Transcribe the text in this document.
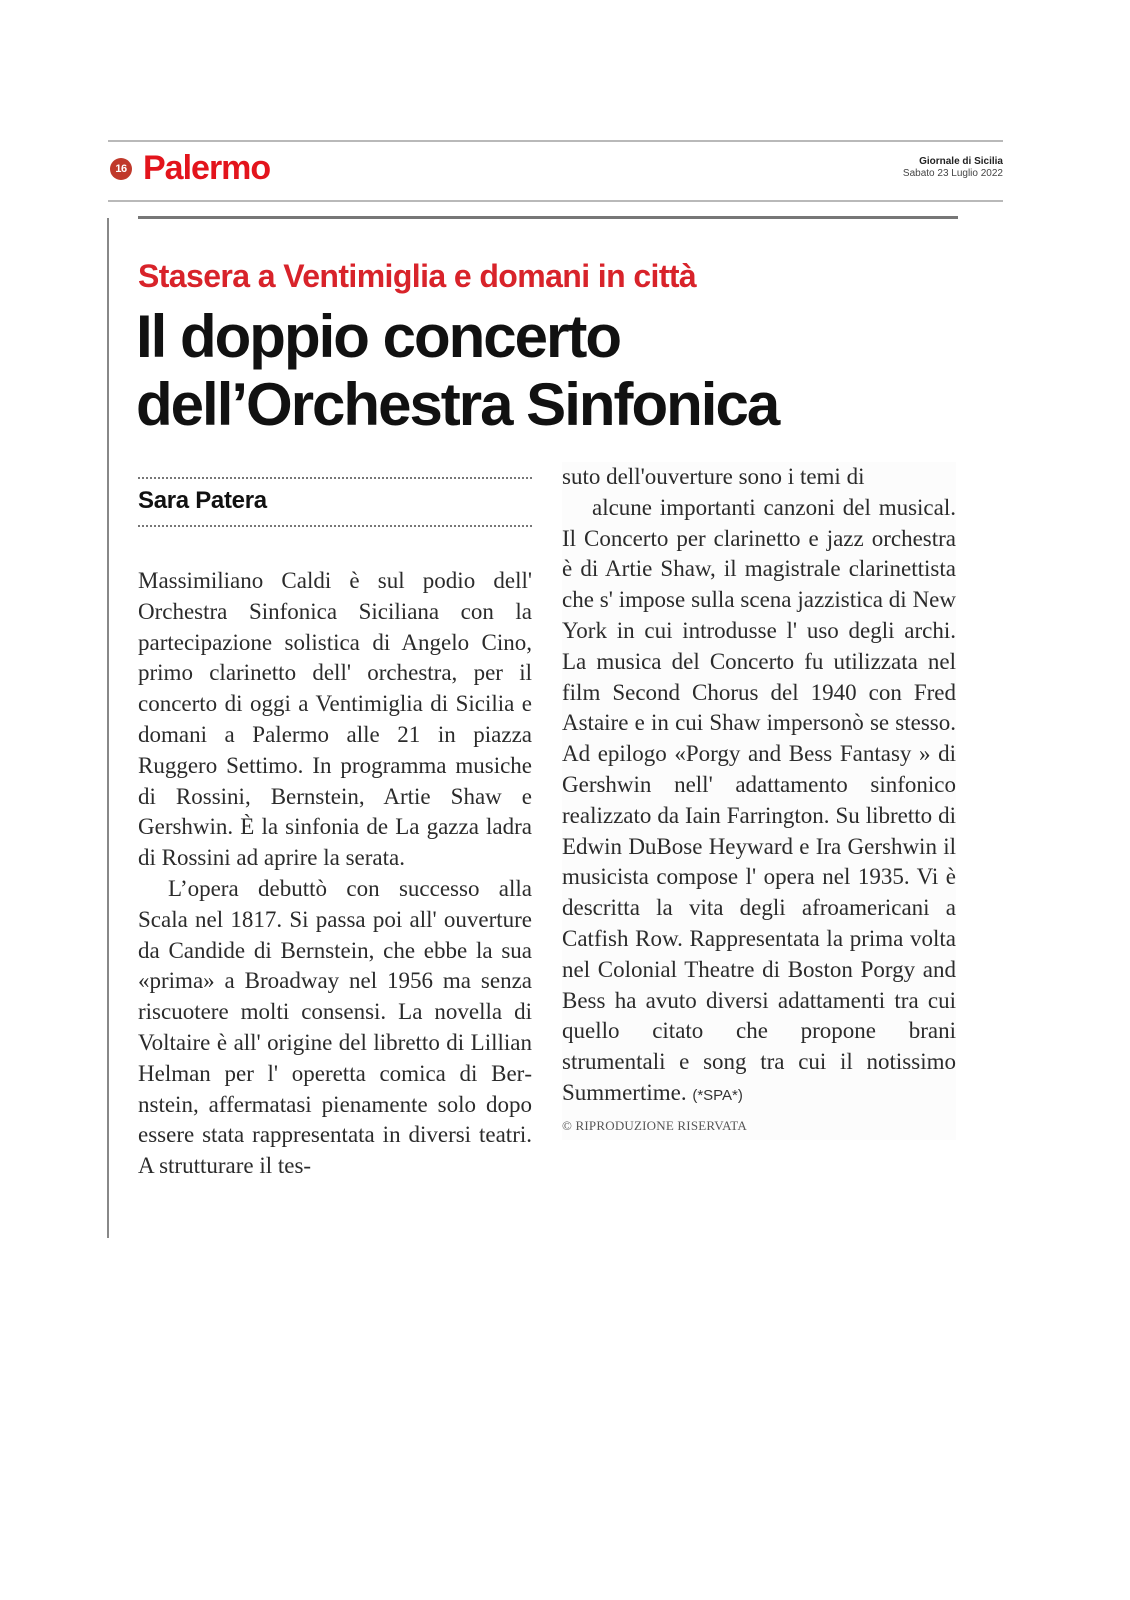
16 Palermo	Giornale di Sicilia
Sabato 23 Luglio 2022
Stasera a Ventimiglia e domani in città
Il doppio concerto
dell’Orchestra Sinfonica
Sara Patera

Massimiliano Caldi è sul podio dell' Orchestra Sinfonica Siciliana con la partecipazione solistica di Angelo Cino, primo clarinetto dell' orchestra, per il concerto di oggi a Ventimiglia di Sicilia e domani a Palermo alle 21 in piazza Ruggero Settimo. In programma musiche di Rossini, Bernstein, Artie Shaw e Gershwin. È la sinfonia de La gazza ladra di Rossini ad aprire la serata.

L’opera debuttò con successo alla Scala nel 1817. Si passa poi all' ouverture da Candide di Bernstein, che ebbe la sua «prima» a Broadway nel 1956 ma senza riscuotere molti consensi. La novella di Voltaire è all' origine del libretto di Lillian Helman per l' operetta comica di Bernstein, affermatasi pienamente solo dopo essere stata rappresentata in diversi teatri. A strutturare il tes-

suto dell'ouverture sono i temi di

alcune importanti canzoni del musical. Il Concerto per clarinetto e jazz orchestra è di Artie Shaw, il magistrale clarinettista che s' impose sulla scena jazzistica di New York in cui introdusse l' uso degli archi. La musica del Concerto fu utilizzata nel film Second Chorus del 1940 con Fred Astaire e in cui Shaw impersonò se stesso. Ad epilogo «Porgy and Bess Fantasy » di Gershwin nell' adattamento sinfonico realizzato da Iain Farrington. Su libretto di Edwin DuBose Heyward e Ira Gershwin il musicista compose l' opera nel 1935. Vi è descritta la vita degli afroamericani a Catfish Row. Rappresentata la prima volta nel Colonial Theatre di Boston Porgy and Bess ha avuto diversi adattamenti tra cui quello citato che propone brani strumentali e song tra cui il notissimo Summertime. (*SPA*)

© RIPRODUZIONE RISERVATA
